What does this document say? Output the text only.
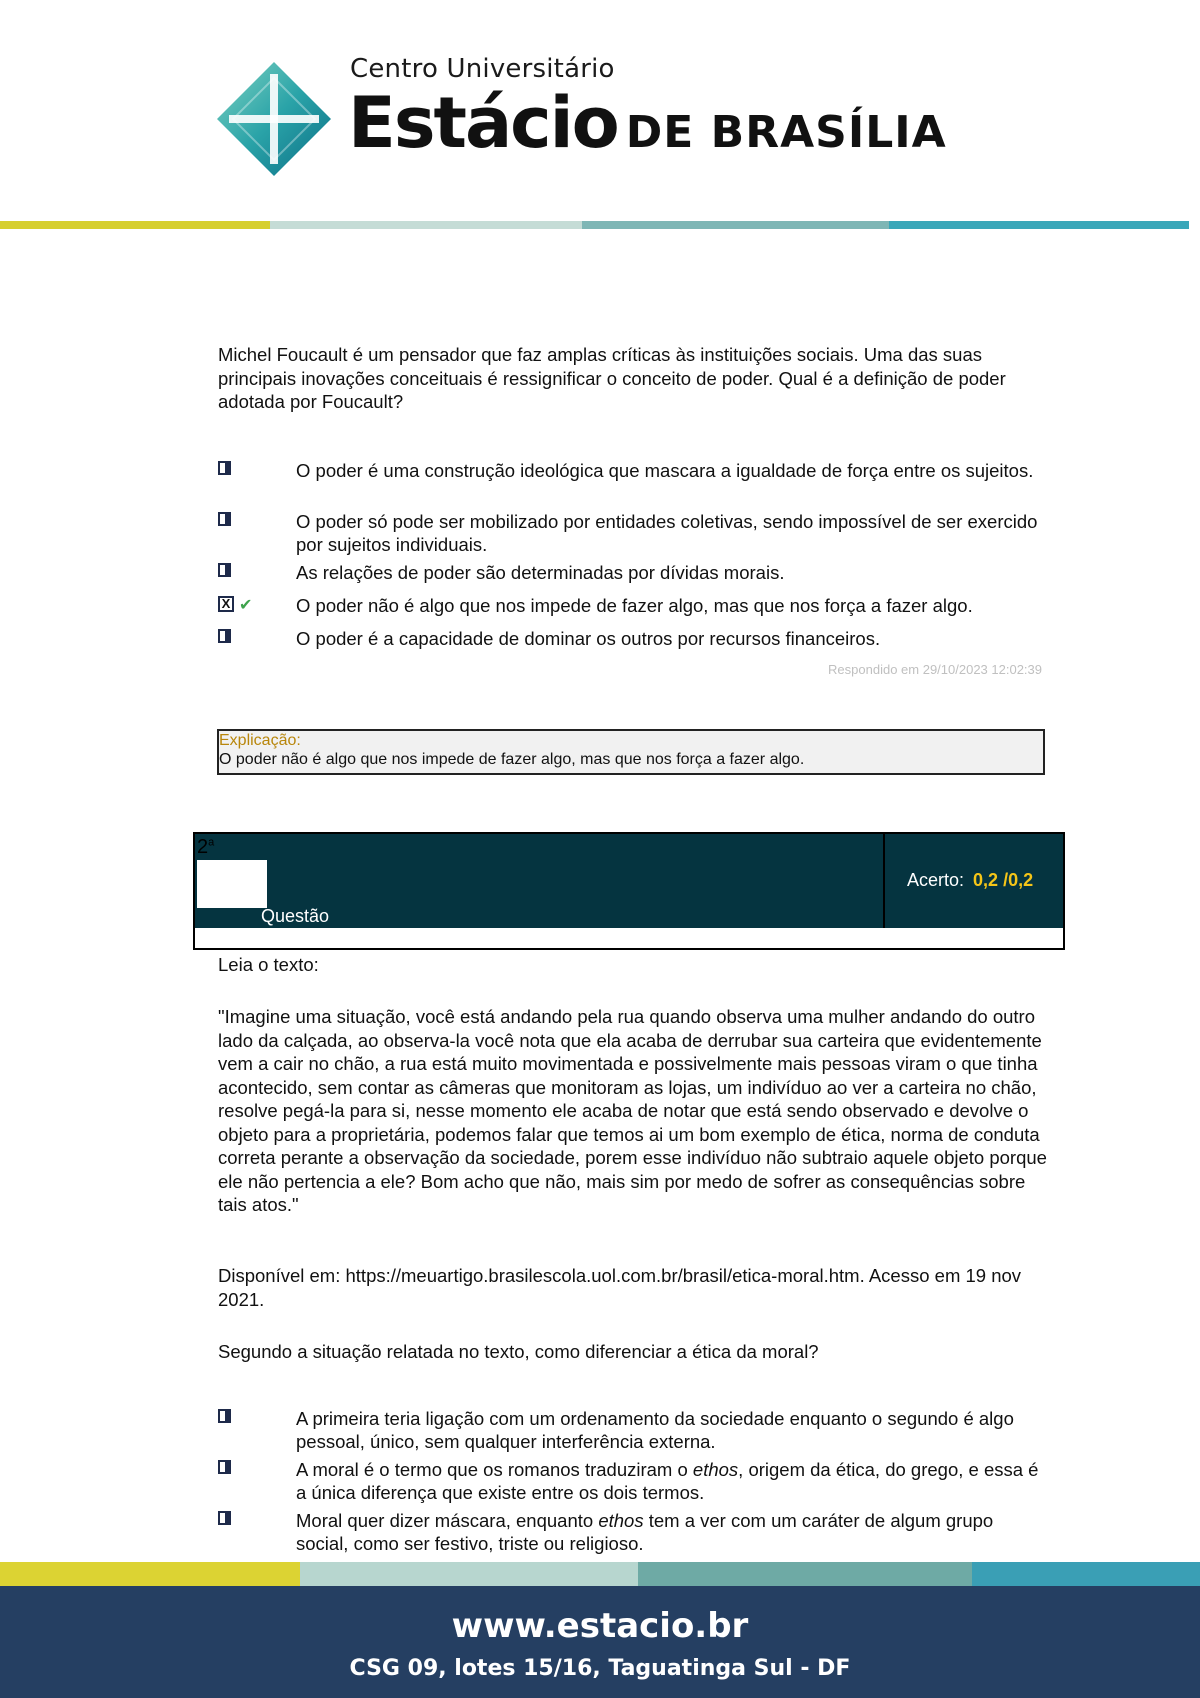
Centro Universitário
Estácio DE BRASÍLIA
Michel Foucault é um pensador que faz amplas críticas às instituições sociais. Uma das suas principais inovações conceituais é ressignificar o conceito de poder. Qual é a definição de poder adotada por Foucault?
O poder é uma construção ideológica que mascara a igualdade de força entre os sujeitos.
O poder só pode ser mobilizado por entidades coletivas, sendo impossível de ser exercido por sujeitos individuais.
As relações de poder são determinadas por dívidas morais.
X ✔ O poder não é algo que nos impede de fazer algo, mas que nos força a fazer algo.
O poder é a capacidade de dominar os outros por recursos financeiros.
Respondido em 29/10/2023 12:02:39
Explicação:
O poder não é algo que nos impede de fazer algo, mas que nos força a fazer algo.
2$^a$
Questão
Acerto: 0,2 /0,2
Leia o texto:
"Imagine uma situação, você está andando pela rua quando observa uma mulher andando do outro lado da calçada, ao observa-la você nota que ela acaba de derrubar sua carteira que evidentemente vem a cair no chão, a rua está muito movimentada e possivelmente mais pessoas viram o que tinha acontecido, sem contar as câmeras que monitoram as lojas, um indivíduo ao ver a carteira no chão, resolve pegá-la para si, nesse momento ele acaba de notar que está sendo observado e devolve o objeto para a proprietária, podemos falar que temos ai um bom exemplo de ética, norma de conduta correta perante a observação da sociedade, porem esse indivíduo não subtraio aquele objeto porque ele não pertencia a ele? Bom acho que não, mais sim por medo de sofrer as consequências sobre tais atos."
Disponível em: https://meuartigo.brasilescola.uol.com.br/brasil/etica-moral.htm. Acesso em 19 nov 2021.
Segundo a situação relatada no texto, como diferenciar a ética da moral?
A primeira teria ligação com um ordenamento da sociedade enquanto o segundo é algo pessoal, único, sem qualquer interferência externa.
A moral é o termo que os romanos traduziram o ethos, origem da ética, do grego, e essa é a única diferença que existe entre os dois termos.
Moral quer dizer máscara, enquanto ethos tem a ver com um caráter de algum grupo social, como ser festivo, triste ou religioso.
www.estacio.br
CSG 09, lotes 15/16, Taguatinga Sul - DF
